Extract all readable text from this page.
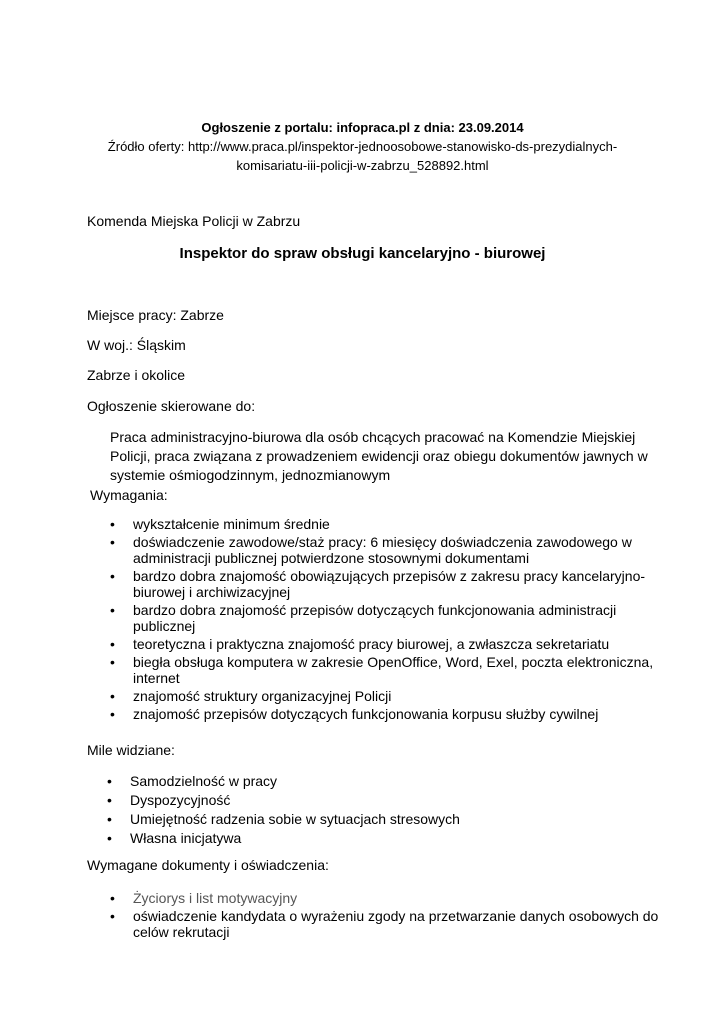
Ogłoszenie z portalu: infopraca.pl z dnia: 23.09.2014
Źródło oferty: http://www.praca.pl/inspektor-jednoosobowe-stanowisko-ds-prezydialnych-
komisariatu-iii-policji-w-zabrzu_528892.html
Komenda Miejska Policji w Zabrzu
Inspektor do spraw obsługi kancelaryjno - biurowej
Miejsce pracy: Zabrze
W woj.: Śląskim
Zabrze i okolice
Ogłoszenie skierowane do:
Praca administracyjno-biurowa dla osób chcących pracować na Komendzie Miejskiej
Policji, praca związana z prowadzeniem ewidencji oraz obiegu dokumentów jawnych w
systemie ośmiogodzinnym, jednozmianowym
Wymagania:
• wykształcenie minimum średnie
• doświadczenie zawodowe/staż pracy: 6 miesięcy doświadczenia zawodowego w
administracji publicznej potwierdzone stosownymi dokumentami
• bardzo dobra znajomość obowiązujących przepisów z zakresu pracy kancelaryjno-
biurowej i archiwizacyjnej
• bardzo dobra znajomość przepisów dotyczących funkcjonowania administracji
publicznej
• teoretyczna i praktyczna znajomość pracy biurowej, a zwłaszcza sekretariatu
• biegła obsługa komputera w zakresie OpenOffice, Word, Exel, poczta elektroniczna,
internet
• znajomość struktury organizacyjnej Policji
• znajomość przepisów dotyczących funkcjonowania korpusu służby cywilnej
Mile widziane:
• Samodzielność w pracy
• Dyspozycyjność
• Umiejętność radzenia sobie w sytuacjach stresowych
• Własna inicjatywa
Wymagane dokumenty i oświadczenia:
• Życiorys i list motywacyjny
• oświadczenie kandydata o wyrażeniu zgody na przetwarzanie danych osobowych do
celów rekrutacji
